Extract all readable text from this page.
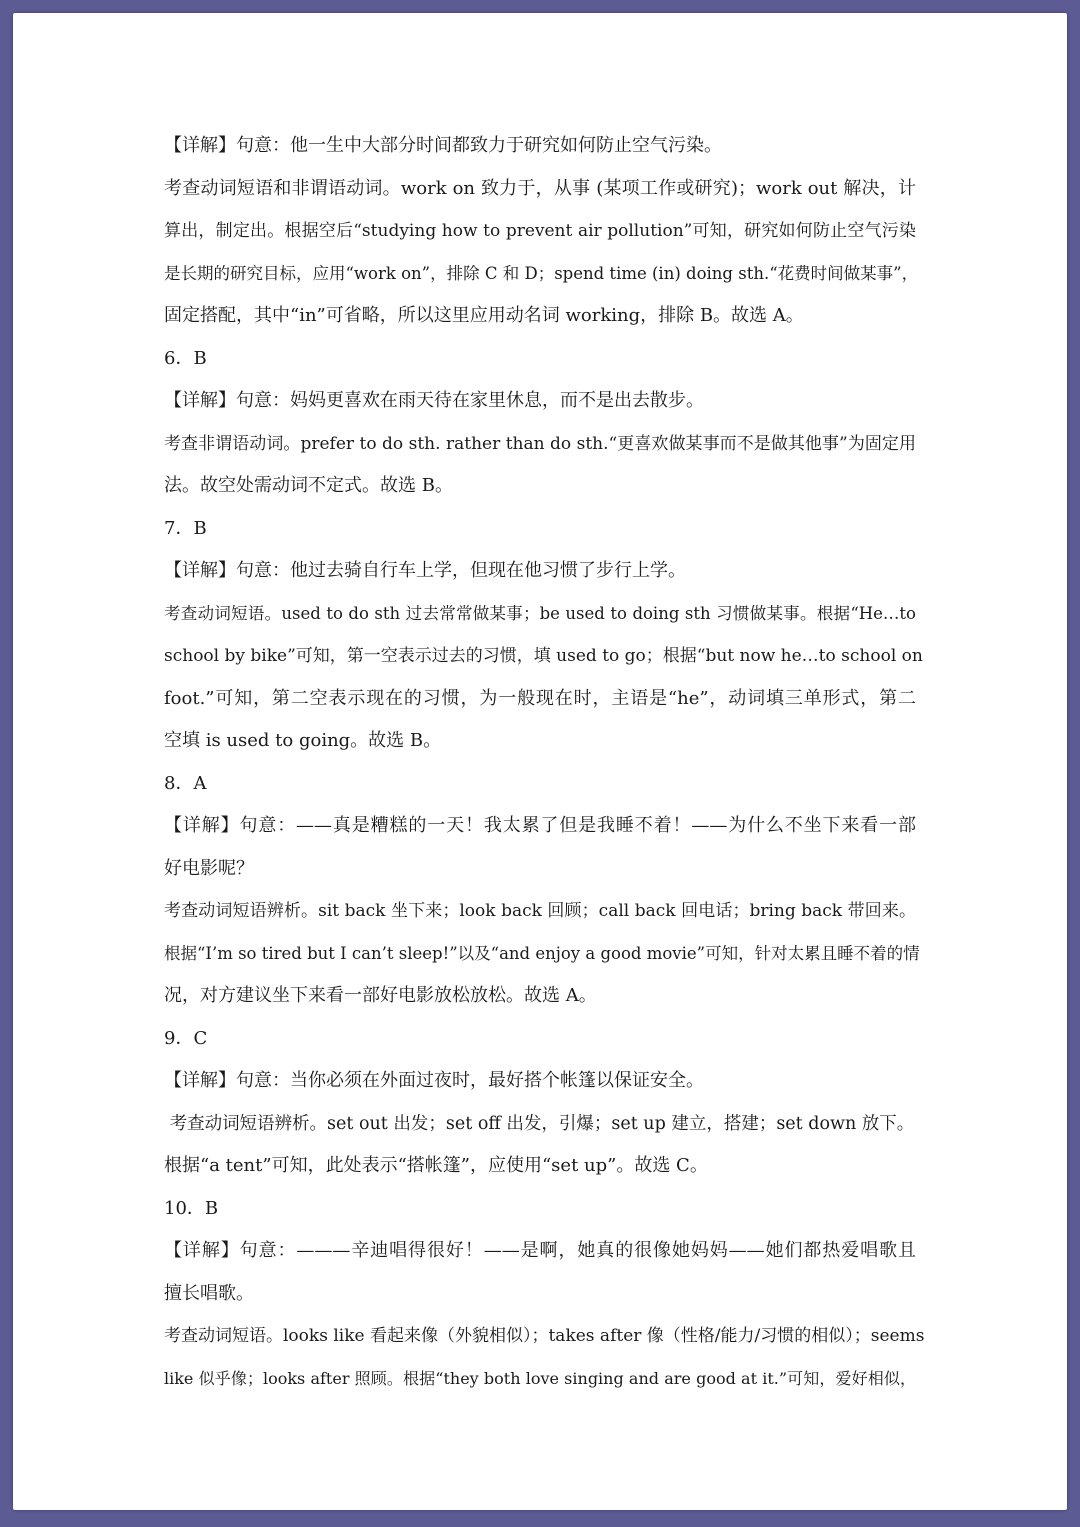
【详解】句意：他一生中大部分时间都致力于研究如何防止空气污染。
考查动词短语和非谓语动词。work on 致力于，从事 (某项工作或研究)；work out 解决，计
算出，制定出。根据空后“studying how to prevent air pollution”可知，研究如何防止空气污染
是长期的研究目标，应用“work on”，排除 C 和 D；spend time (in) doing sth.“花费时间做某事”，
固定搭配，其中“in”可省略，所以这里应用动名词 working，排除 B。故选 A。
6．B
【详解】句意：妈妈更喜欢在雨天待在家里休息，而不是出去散步。
考查非谓语动词。prefer to do sth. rather than do sth.“更喜欢做某事而不是做其他事”为固定用
法。故空处需动词不定式。故选 B。
7．B
【详解】句意：他过去骑自行车上学，但现在他习惯了步行上学。
考查动词短语。used to do sth 过去常常做某事；be used to doing sth 习惯做某事。根据“He…to
school by bike”可知，第一空表示过去的习惯，填 used to go；根据“but now he…to school on
foot.”可知，第二空表示现在的习惯，为一般现在时，主语是“he”，动词填三单形式，第二
空填 is used to going。故选 B。
8．A
【详解】句意：——真是糟糕的一天！我太累了但是我睡不着！——为什么不坐下来看一部
好电影呢？
考查动词短语辨析。sit back 坐下来；look back 回顾；call back 回电话；bring back 带回来。
根据“I’m so tired but I can’t sleep!”以及“and enjoy a good movie”可知，针对太累且睡不着的情
况，对方建议坐下来看一部好电影放松放松。故选 A。
9．C
【详解】句意：当你必须在外面过夜时，最好搭个帐篷以保证安全。
考查动词短语辨析。set out 出发；set off 出发，引爆；set up 建立，搭建；set down 放下。
根据“a tent”可知，此处表示“搭帐篷”，应使用“set up”。故选 C。
10．B
【详解】句意：———辛迪唱得很好！——是啊，她真的很像她妈妈——她们都热爱唱歌且
擅长唱歌。
考查动词短语。looks like 看起来像（外貌相似）；takes after 像（性格/能力/习惯的相似）；seems
like 似乎像；looks after 照顾。根据“they both love singing and are good at it.”可知，爱好相似，
